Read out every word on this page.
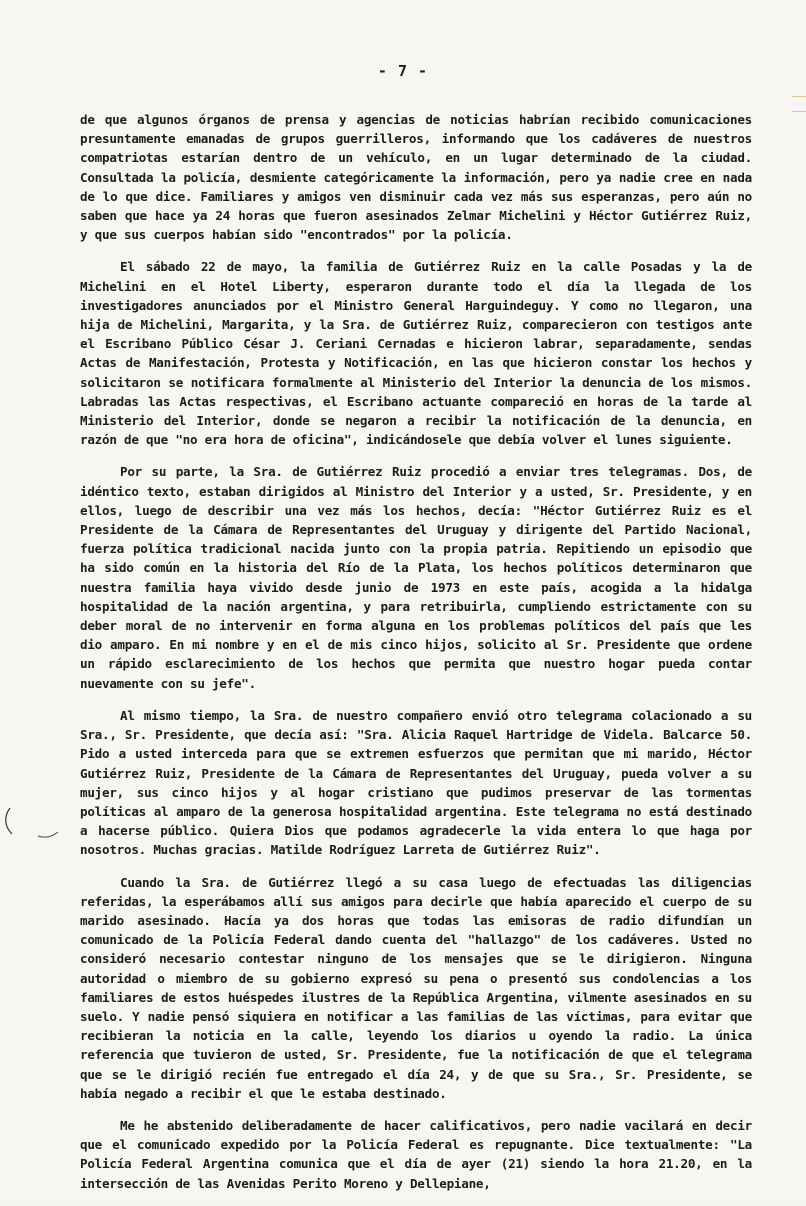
- 7 -

de que algunos órganos de prensa y agencias de noticias habrían recibido comunicaciones presuntamente emanadas de grupos guerrilleros, informando que los cadáveres de nuestros compatriotas estarían dentro de un vehículo, en un lugar determinado de la ciudad. Consultada la policía, desmiente categóricamente la información, pero ya nadie cree en nada de lo que dice. Familiares y amigos ven disminuir cada vez más sus esperanzas, pero aún no saben que hace ya 24 horas que fueron asesinados Zelmar Michelini y Héctor Gutiérrez Ruiz, y que sus cuerpos habían sido "encontrados" por la policía.

El sábado 22 de mayo, la familia de Gutiérrez Ruiz en la calle Posadas y la de Michelini en el Hotel Liberty, esperaron durante todo el día la llegada de los investigadores anunciados por el Ministro General Harguindeguy. Y como no llegaron, una hija de Michelini, Margarita, y la Sra. de Gutiérrez Ruiz, comparecieron con testigos ante el Escribano Público César J. Ceriani Cernadas e hicieron labrar, separadamente, sendas Actas de Manifestación, Protesta y Notificación, en las que hicieron constar los hechos y solicitaron se notificara formalmente al Ministerio del Interior la denuncia de los mismos. Labradas las Actas respectivas, el Escribano actuante compareció en horas de la tarde al Ministerio del Interior, donde se negaron a recibir la notificación de la denuncia, en razón de que "no era hora de oficina", indicándosele que debía volver el lunes siguiente.

Por su parte, la Sra. de Gutiérrez Ruiz procedió a enviar tres telegramas. Dos, de idéntico texto, estaban dirigidos al Ministro del Interior y a usted, Sr. Presidente, y en ellos, luego de describir una vez más los hechos, decía: "Héctor Gutiérrez Ruiz es el Presidente de la Cámara de Representantes del Uruguay y dirigente del Partido Nacional, fuerza política tradicional nacida junto con la propia patria. Repitiendo un episodio que ha sido común en la historia del Río de la Plata, los hechos políticos determinaron que nuestra familia haya vivido desde junio de 1973 en este país, acogida a la hidalga hospitalidad de la nación argentina, y para retribuirla, cumpliendo estrictamente con su deber moral de no intervenir en forma alguna en los problemas políticos del país que les dio amparo. En mi nombre y en el de mis cinco hijos, solicito al Sr. Presidente que ordene un rápido esclarecimiento de los hechos que permita que nuestro hogar pueda contar nuevamente con su jefe".

Al mismo tiempo, la Sra. de nuestro compañero envió otro telegrama colacionado a su Sra., Sr. Presidente, que decía así: "Sra. Alicia Raquel Hartridge de Videla. Balcarce 50. Pido a usted interceda para que se extremen esfuerzos que permitan que mi marido, Héctor Gutiérrez Ruiz, Presidente de la Cámara de Representantes del Uruguay, pueda volver a su mujer, sus cinco hijos y al hogar cristiano que pudimos preservar de las tormentas políticas al amparo de la generosa hospitalidad argentina. Este telegrama no está destinado a hacerse público. Quiera Dios que podamos agradecerle la vida entera lo que haga por nosotros. Muchas gracias. Matilde Rodríguez Larreta de Gutiérrez Ruiz".

Cuando la Sra. de Gutiérrez llegó a su casa luego de efectuadas las diligencias referidas, la esperábamos allí sus amigos para decirle que había aparecido el cuerpo de su marido asesinado. Hacía ya dos horas que todas las emisoras de radio difundían un comunicado de la Policía Federal dando cuenta del "hallazgo" de los cadáveres. Usted no consideró necesario contestar ninguno de los mensajes que se le dirigieron. Ninguna autoridad o miembro de su gobierno expresó su pena o presentó sus condolencias a los familiares de estos huéspedes ilustres de la República Argentina, vilmente asesinados en su suelo. Y nadie pensó siquiera en notificar a las familias de las víctimas, para evitar que recibieran la noticia en la calle, leyendo los diarios u oyendo la radio. La única referencia que tuvieron de usted, Sr. Presidente, fue la notificación de que el telegrama que se le dirigió recién fue entregado el día 24, y de que su Sra., Sr. Presidente, se había negado a recibir el que le estaba destinado.

Me he abstenido deliberadamente de hacer calificativos, pero nadie vacilará en decir que el comunicado expedido por la Policía Federal es repugnante. Dice textualmente: "La Policía Federal Argentina comunica que el día de ayer (21) siendo la hora 21.20, en la intersección de las Avenidas Perito Moreno y Dellepiane,
